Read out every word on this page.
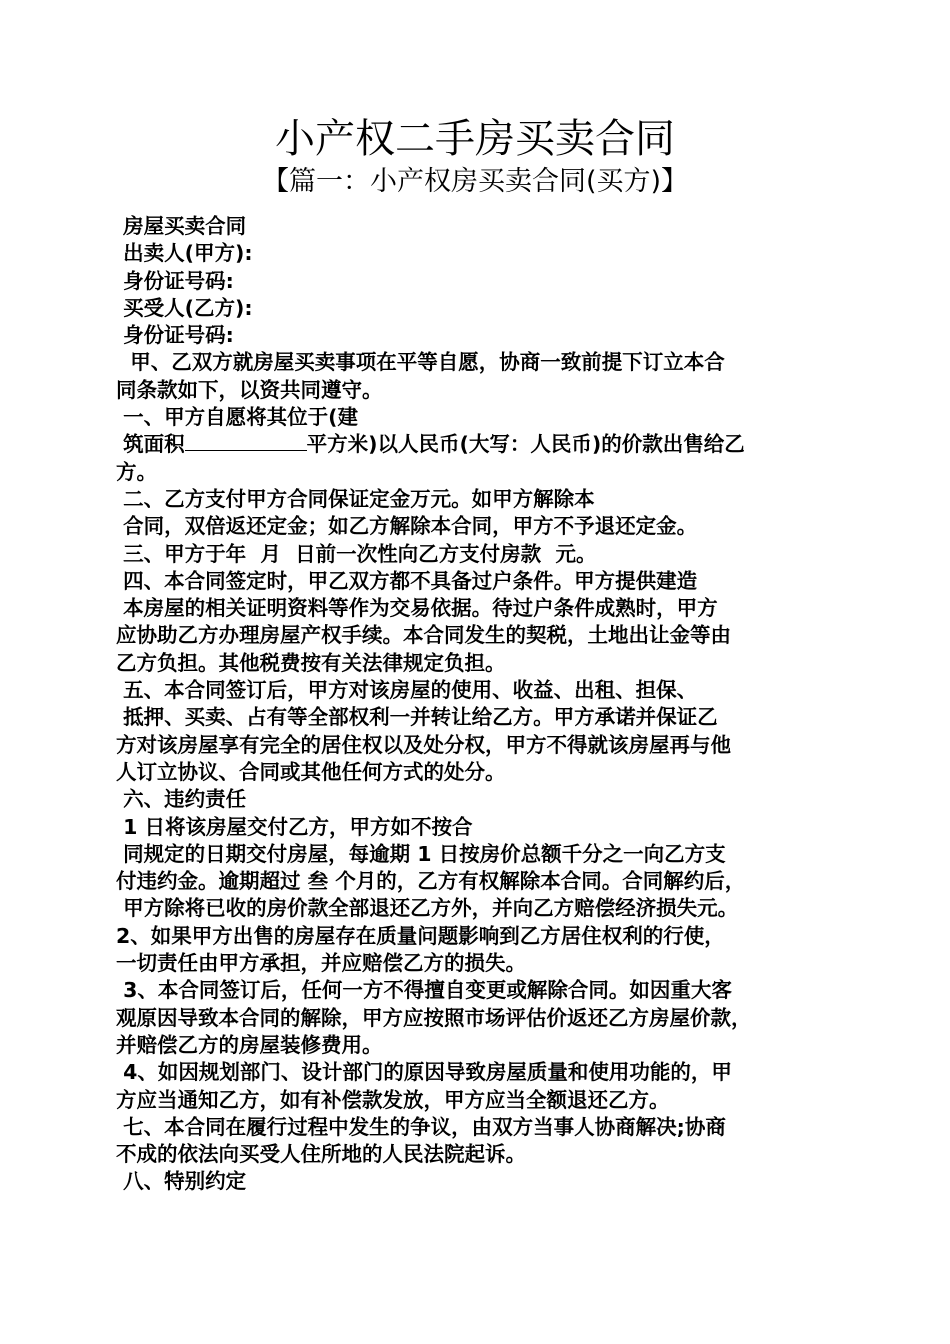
小产权二手房买卖合同
【篇一：小产权房买卖合同(买方)】
房屋买卖合同
出卖人(甲方):
身份证号码:
买受人(乙方):
身份证号码:
甲、乙双方就房屋买卖事项在平等自愿，协商一致前提下订立本合
同条款如下，以资共同遵守。
一、甲方自愿将其位于(建
筑面积	平方米)以人民币(大写：人民币)的价款出售给乙
方。
二、乙方支付甲方合同保证定金万元。如甲方解除本
合同，双倍返还定金；如乙方解除本合同，甲方不予退还定金。
三、甲方于年  月  日前一次性向乙方支付房款  元。
四、本合同签定时，甲乙双方都不具备过户条件。甲方提供建造
本房屋的相关证明资料等作为交易依据。待过户条件成熟时，甲方
应协助乙方办理房屋产权手续。本合同发生的契税，土地出让金等由
乙方负担。其他税费按有关法律规定负担。
五、本合同签订后，甲方对该房屋的使用、收益、出租、担保、
抵押、买卖、占有等全部权利一并转让给乙方。甲方承诺并保证乙
方对该房屋享有完全的居住权以及处分权，甲方不得就该房屋再与他
人订立协议、合同或其他任何方式的处分。
六、违约责任
1 日将该房屋交付乙方，甲方如不按合
同规定的日期交付房屋，每逾期 1 日按房价总额千分之一向乙方支
付违约金。逾期超过 叁 个月的，乙方有权解除本合同。合同解约后，
甲方除将已收的房价款全部退还乙方外，并向乙方赔偿经济损失元。
2、如果甲方出售的房屋存在质量问题影响到乙方居住权利的行使，
一切责任由甲方承担，并应赔偿乙方的损失。
3、本合同签订后，任何一方不得擅自变更或解除合同。如因重大客
观原因导致本合同的解除，甲方应按照市场评估价返还乙方房屋价款，
并赔偿乙方的房屋装修费用。
4、如因规划部门、设计部门的原因导致房屋质量和使用功能的，甲
方应当通知乙方，如有补偿款发放，甲方应当全额退还乙方。
七、本合同在履行过程中发生的争议，由双方当事人协商解决;协商
不成的依法向买受人住所地的人民法院起诉。
八、特别约定
